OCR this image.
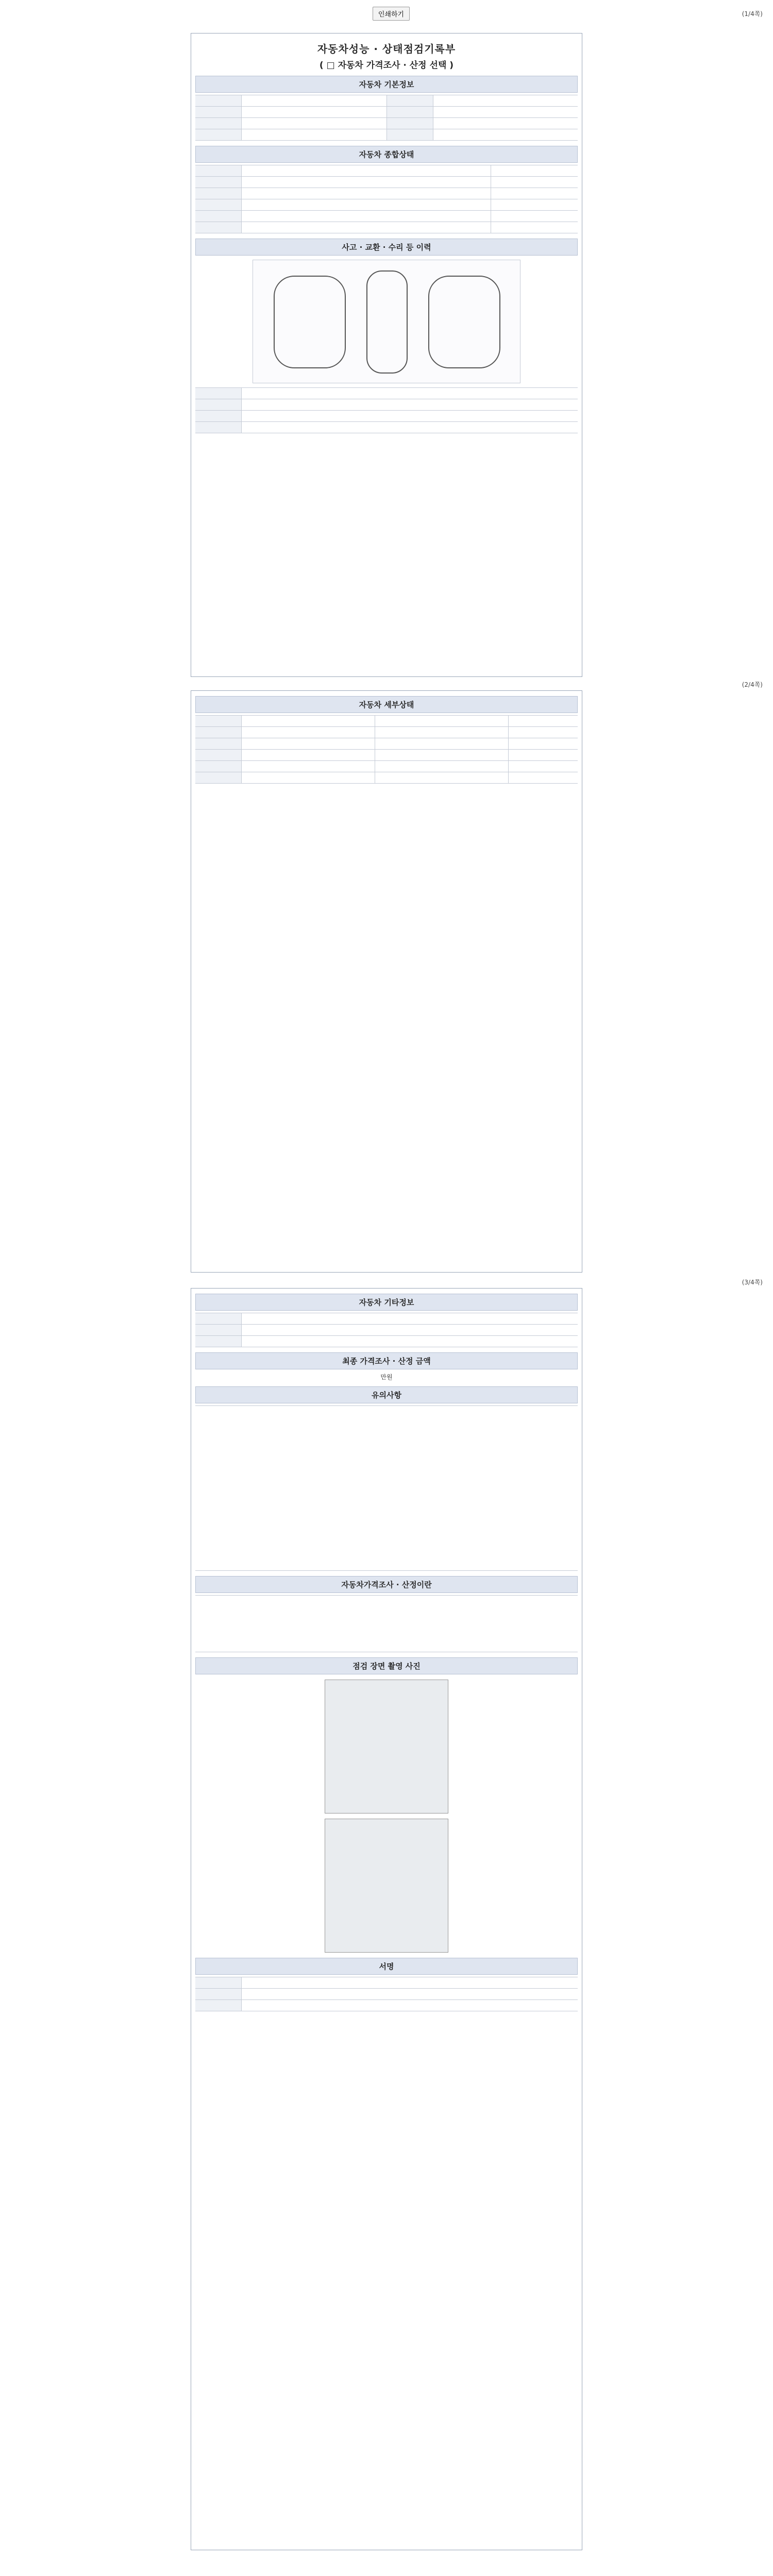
인쇄하기	(1/4쪽)
자동차성능 · 상태점검기록부
( □ 자동차 가격조사 · 산정 선택 )
자동차 기본정보
자동차 종합상태
사고 · 교환 · 수리 등 이력
(2/4쪽)
자동차 세부상태
(3/4쪽)
자동차 기타정보
최종 가격조사 · 산정 금액
만원
유의사항
자동차가격조사 · 산정이란
점검 장면 촬영 사진
서명
